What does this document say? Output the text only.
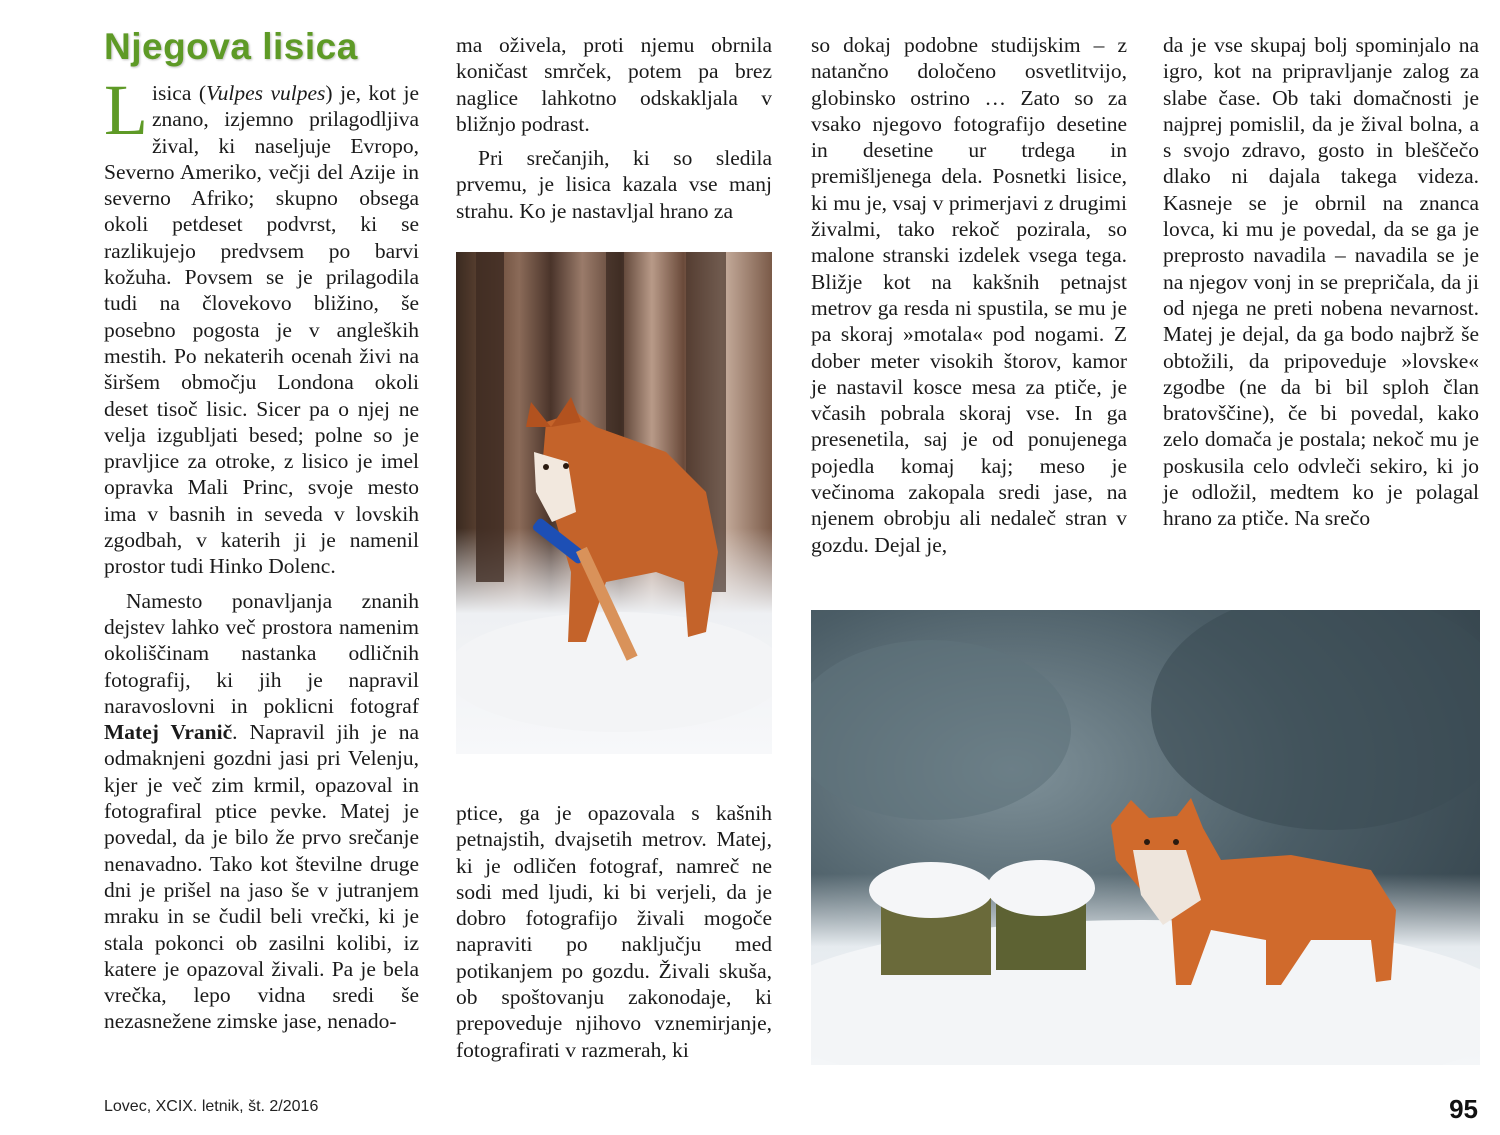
Njegova lisica

Lisica (Vulpes vulpes) je, kot je znano, izjemno prilagodljiva žival, ki naseljuje Evropo, Severno Ameriko, večji del Azije in severno Afriko; skupno obsega okoli petdeset podvrst, ki se razlikujejo predvsem po barvi kožuha. Povsem se je prilagodila tudi na človekovo bližino, še posebno pogosta je v angleških mestih. Po nekaterih ocenah živi na širšem območju Londona okoli deset tisoč lisic. Sicer pa o njej ne velja izgubljati besed; polne so je pravljice za otroke, z lisico je imel opravka Mali Princ, svoje mesto ima v basnih in seveda v lovskih zgodbah, v katerih ji je namenil prostor tudi Hinko Dolenc.

Namesto ponavljanja znanih dejstev lahko več prostora namenim okoliščinam nastanka odličnih fotografij, ki jih je napravil naravoslovni in poklicni fotograf Matej Vranič. Napravil jih je na odmaknjeni gozdni jasi pri Velenju, kjer je več zim krmil, opazoval in fotografiral ptice pevke. Matej je povedal, da je bilo že prvo srečanje nenavadno. Tako kot številne druge dni je prišel na jaso še v jutranjem mraku in se čudil beli vrečki, ki je stala pokonci ob zasilni kolibi, iz katere je opazoval živali. Pa je bela vrečka, lepo vidna sredi še nezasnežene zimske jase, nenado-

ma oživela, proti njemu obrnila koničast smrček, potem pa brez naglice lahkotno odskakljala v bližnjo podrast.

Pri srečanjih, ki so sledila prvemu, je lisica kazala vse manj strahu. Ko je nastavljal hrano za

ptice, ga je opazovala s kašnih petnajstih, dvajsetih metrov. Matej, ki je odličen fotograf, namreč ne sodi med ljudi, ki bi verjeli, da je dobro fotografijo živali mogoče napraviti po naključju med potikanjem po gozdu. Živali skuša, ob spoštovanju zakonodaje, ki prepoveduje njihovo vznemirjanje, fotografirati v razmerah, ki

so dokaj podobne studijskim – z natančno določeno osvetlitvijo, globinsko ostrino … Zato so za vsako njegovo fotografijo desetine in desetine ur trdega in premišljenega dela. Posnetki lisice, ki mu je, vsaj v primerjavi z drugimi živalmi, tako rekoč pozirala, so malone stranski izdelek vsega tega. Bližje kot na kakšnih petnajst metrov ga resda ni spustila, se mu je pa skoraj »motala« pod nogami. Z dober meter visokih štorov, kamor je nastavil kosce mesa za ptiče, je včasih pobrala skoraj vse. In ga presenetila, saj je od ponujenega pojedla komaj kaj; meso je večinoma zakopala sredi jase, na njenem obrobju ali nedaleč stran v gozdu. Dejal je,

da je vse skupaj bolj spominjalo na igro, kot na pripravljanje zalog za slabe čase. Ob taki domačnosti je najprej pomislil, da je žival bolna, a s svojo zdravo, gosto in bleščečo dlako ni dajala takega videza. Kasneje se je obrnil na znanca lovca, ki mu je povedal, da se ga je preprosto navadila – navadila se je na njegov vonj in se prepričala, da ji od njega ne preti nobena nevarnost. Matej je dejal, da ga bodo najbrž še obtožili, da pripoveduje »lovske« zgodbe (ne da bi bil sploh član bratovščine), če bi povedal, kako zelo domača je postala; nekoč mu je poskusila celo odvleči sekiro, ki jo je odložil, medtem ko je polagal hrano za ptiče. Na srečo

Lovec, XCIX. letnik, št. 2/2016	95
